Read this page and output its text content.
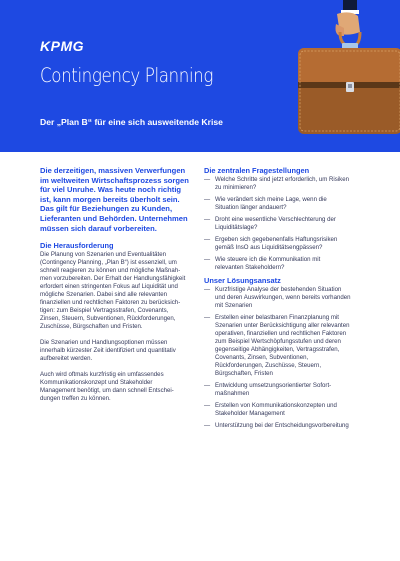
KPMG
Contingency Planning
Der „Plan B“ für eine sich ausweitende Krise
Die derzeitigen, massiven Verwerfungen
im weltweiten Wirtschaftsprozess sorgen
für viel Unruhe. Was heute noch richtig
ist, kann morgen bereits überholt sein.
Das gilt für Beziehungen zu Kunden,
Lieferanten und Behörden. Unternehmen
müssen sich darauf vorbereiten.
Die Herausforderung
Die Planung von Szenarien und Eventualitäten
(Contingency Planning, „Plan B“) ist essenziell, um
schnell reagieren zu können und mögliche Maßnah-
men vorzubereiten. Der Erhalt der Handlungsfähigkeit
erfordert einen stringenten Fokus auf Liquidität und
mögliche Szenarien. Dabei sind alle relevanten
finanziellen und rechtlichen Faktoren zu berücksich-
tigen: zum Beispiel Vertragsstrafen, Covenants,
Zinsen, Steuern, Subventionen, Rückforderungen,
Zuschüsse, Bürgschaften und Fristen.
Die Szenarien und Handlungsoptionen müssen
innerhalb kürzester Zeit identifiziert und quantitativ
aufbereitet werden.
Auch wird oftmals kurzfristig ein umfassendes
Kommunikationskonzept und Stakeholder
Management benötigt, um dann schnell Entschei-
dungen treffen zu können.
Die zentralen Fragestellungen
— Welche Schritte sind jetzt erforderlich, um Risiken
zu minimieren?
— Wie verändert sich meine Lage, wenn die
Situation länger andauert?
— Droht eine wesentliche Verschlechterung der
Liquiditätslage?
— Ergeben sich gegebenenfalls Haftungsrisiken
gemäß InsO aus Liquiditätsengpässen?
— Wie steuere ich die Kommunikation mit
relevanten Stakeholdern?
Unser Lösungsansatz
— Kurzfristige Analyse der bestehenden Situation
und deren Auswirkungen, wenn bereits vorhanden
mit Szenarien
— Erstellen einer belastbaren Finanzplanung mit
Szenarien unter Berücksichtigung aller relevanten
operativen, finanziellen und rechtlichen Faktoren
zum Beispiel Wertschöpfungsstufen und deren
gegenseitige Abhängigkeiten, Vertragsstrafen,
Covenants, Zinsen, Subventionen,
Rückforderungen, Zuschüsse, Steuern,
Bürgschaften, Fristen
— Entwicklung umsetzungsorientierter Sofort-
maßnahmen
— Erstellen von Kommunikationskonzepten und
Stakeholder Management
— Unterstützung bei der Entscheidungsvorbereitung
